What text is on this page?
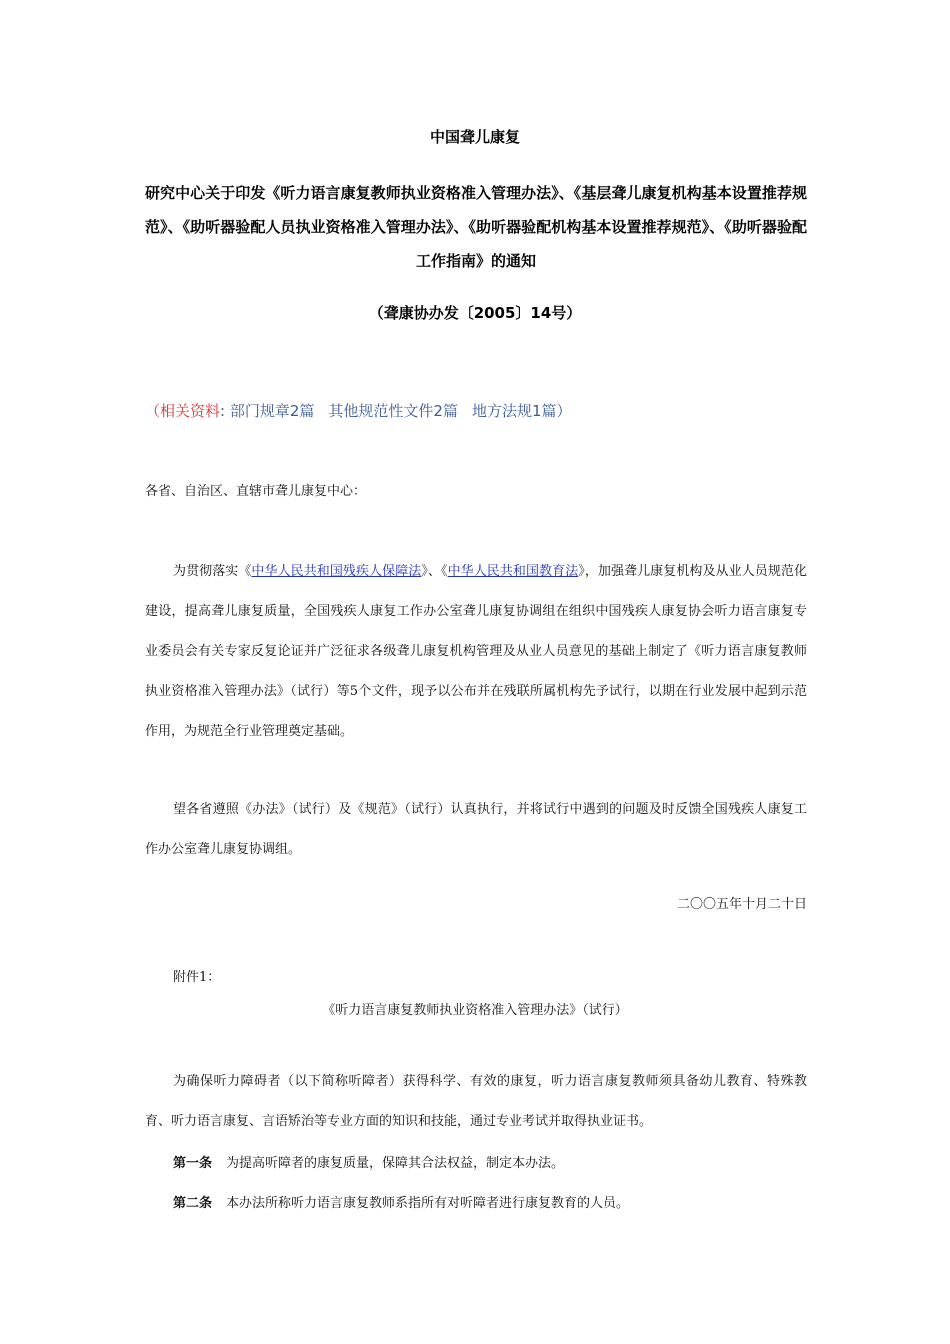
中国聋儿康复
研究中心关于印发《听力语言康复教师执业资格准入管理办法》、《基层聋儿康复机构基本设置推荐规范》、《助听器验配人员执业资格准入管理办法》、《助听器验配机构基本设置推荐规范》、《助听器验配工作指南》的通知
（聋康协办发〔2005〕14号）
（相关资料: 部门规章2篇 其他规范性文件2篇 地方法规1篇）
各省、自治区、直辖市聋儿康复中心：
为贯彻落实《中华人民共和国残疾人保障法》、《中华人民共和国教育法》，加强聋儿康复机构及从业人员规范化建设，提高聋儿康复质量，全国残疾人康复工作办公室聋儿康复协调组在组织中国残疾人康复协会听力语言康复专业委员会有关专家反复论证并广泛征求各级聋儿康复机构管理及从业人员意见的基础上制定了《听力语言康复教师执业资格准入管理办法》（试行）等5个文件，现予以公布并在残联所属机构先予试行，以期在行业发展中起到示范作用，为规范全行业管理奠定基础。
望各省遵照《办法》（试行）及《规范》（试行）认真执行，并将试行中遇到的问题及时反馈全国残疾人康复工作办公室聋儿康复协调组。
二〇〇五年十月二十日
附件1：
《听力语言康复教师执业资格准入管理办法》（试行）
为确保听力障碍者（以下简称听障者）获得科学、有效的康复，听力语言康复教师须具备幼儿教育、特殊教育、听力语言康复、言语矫治等专业方面的知识和技能，通过专业考试并取得执业证书。
第一条 为提高听障者的康复质量，保障其合法权益，制定本办法。
第二条 本办法所称听力语言康复教师系指所有对听障者进行康复教育的人员。
